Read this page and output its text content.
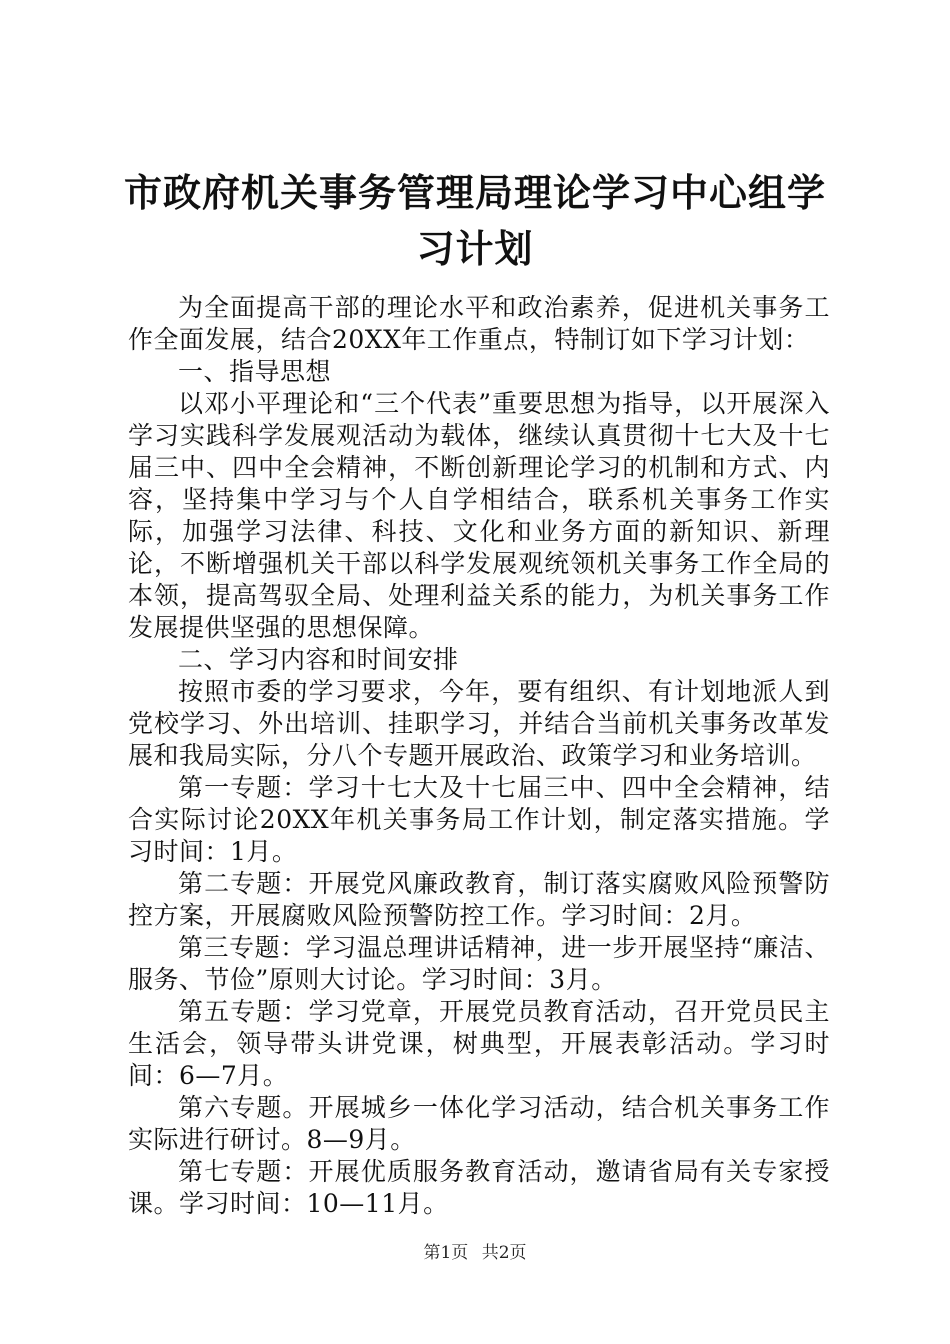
市政府机关事务管理局理论学习中心组学习计划

为全面提高干部的理论水平和政治素养，促进机关事务工作全面发展，结合20XX年工作重点，特制订如下学习计划：

一、指导思想

以邓小平理论和“三个代表”重要思想为指导，以开展深入学习实践科学发展观活动为载体，继续认真贯彻十七大及十七届三中、四中全会精神，不断创新理论学习的机制和方式、内容，坚持集中学习与个人自学相结合，联系机关事务工作实际，加强学习法律、科技、文化和业务方面的新知识、新理论，不断增强机关干部以科学发展观统领机关事务工作全局的本领，提高驾驭全局、处理利益关系的能力，为机关事务工作发展提供坚强的思想保障。

二、学习内容和时间安排

按照市委的学习要求，今年，要有组织、有计划地派人到党校学习、外出培训、挂职学习，并结合当前机关事务改革发展和我局实际，分八个专题开展政治、政策学习和业务培训。

第一专题：学习十七大及十七届三中、四中全会精神，结合实际讨论20XX年机关事务局工作计划，制定落实措施。学习时间：1月。

第二专题：开展党风廉政教育，制订落实腐败风险预警防控方案，开展腐败风险预警防控工作。学习时间：2月。

第三专题：学习温总理讲话精神，进一步开展坚持“廉洁、服务、节俭”原则大讨论。学习时间：3月。

第五专题：学习党章，开展党员教育活动，召开党员民主生活会，领导带头讲党课，树典型，开展表彰活动。学习时间：6—7月。

第六专题。开展城乡一体化学习活动，结合机关事务工作实际进行研讨。8—9月。

第七专题：开展优质服务教育活动，邀请省局有关专家授课。学习时间：10—11月。

第1页 共2页
